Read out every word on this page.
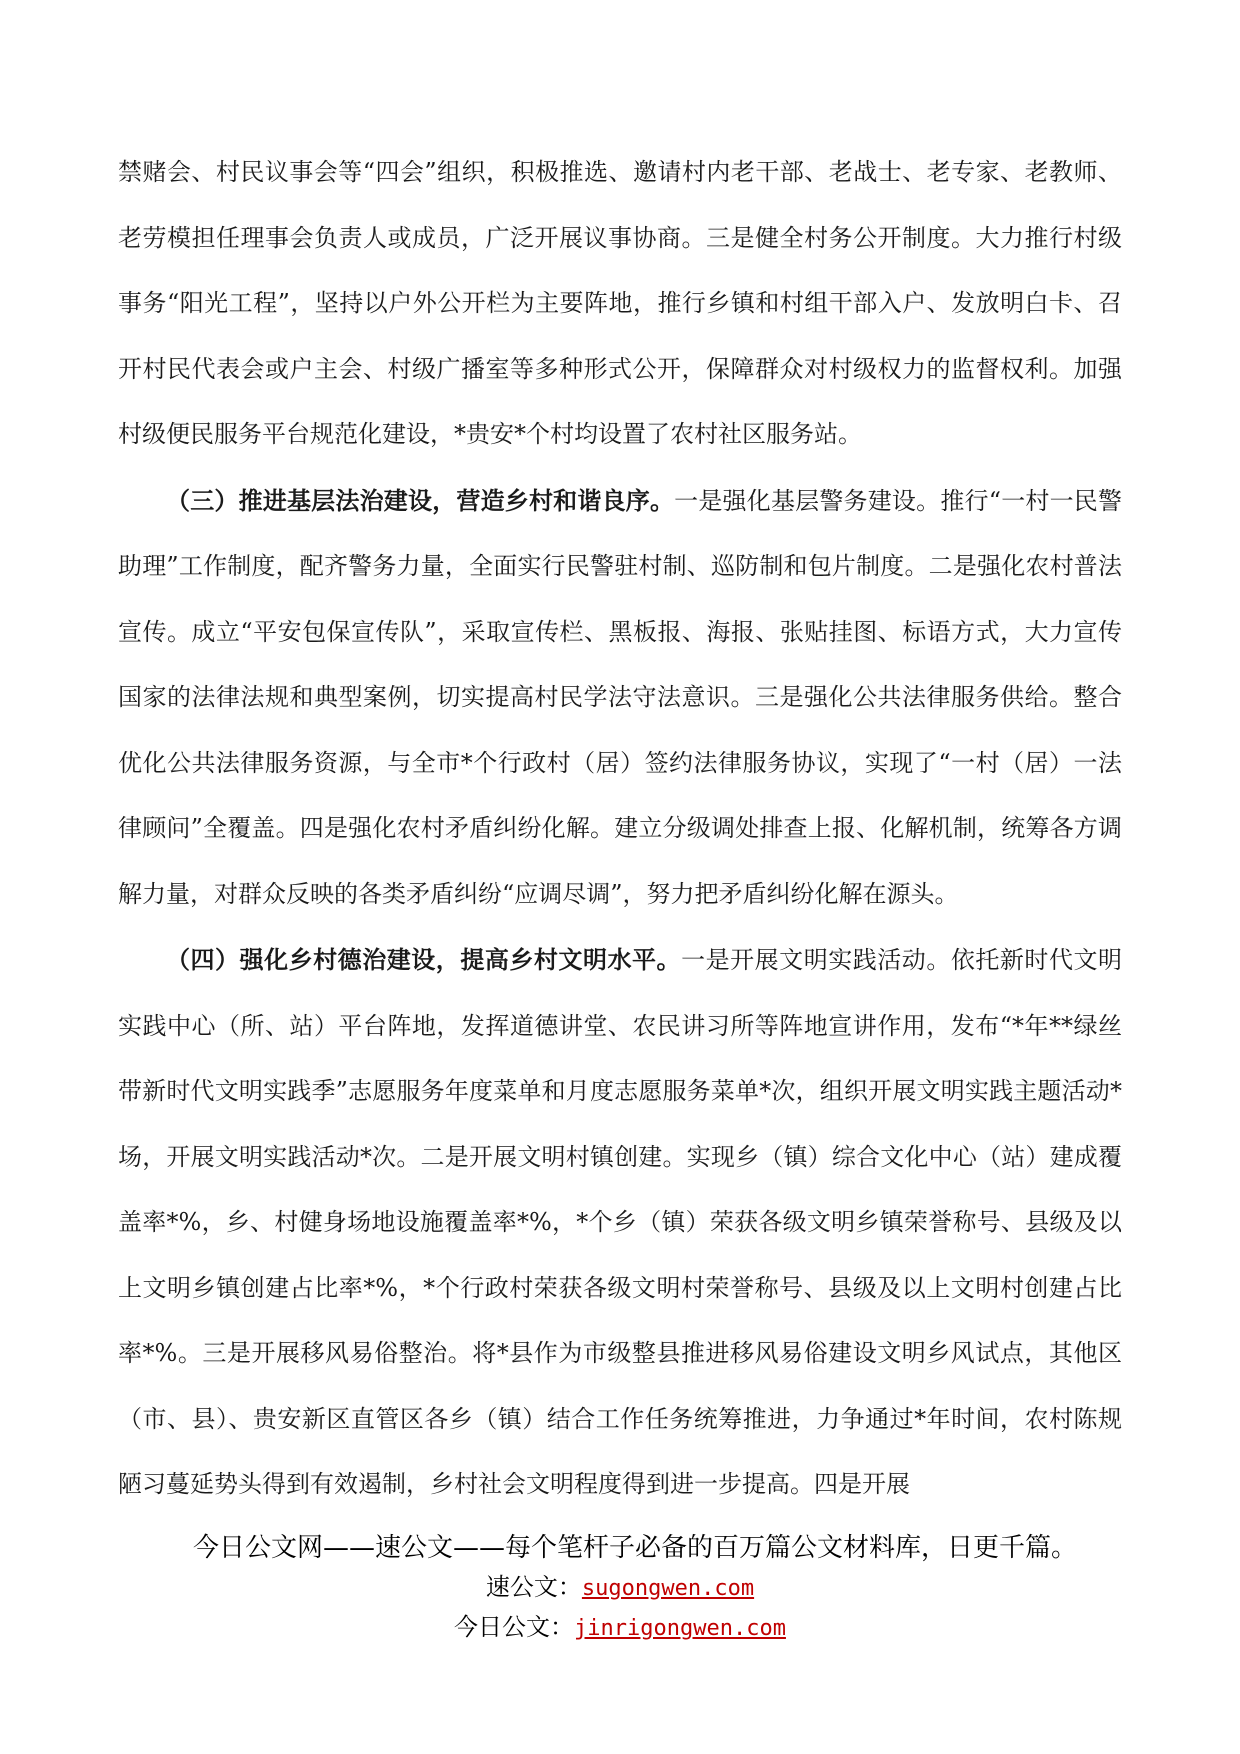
禁赌会、村民议事会等“四会”组织，积极推选、邀请村内老干部、老战士、老专家、老教师、老劳模担任理事会负责人或成员，广泛开展议事协商。三是健全村务公开制度。大力推行村级事务“阳光工程”，坚持以户外公开栏为主要阵地，推行乡镇和村组干部入户、发放明白卡、召开村民代表会或户主会、村级广播室等多种形式公开，保障群众对村级权力的监督权利。加强村级便民服务平台规范化建设，*贵安*个村均设置了农村社区服务站。

（三）推进基层法治建设，营造乡村和谐良序。一是强化基层警务建设。推行“一村一民警助理”工作制度，配齐警务力量，全面实行民警驻村制、巡防制和包片制度。二是强化农村普法宣传。成立“平安包保宣传队”，采取宣传栏、黑板报、海报、张贴挂图、标语方式，大力宣传国家的法律法规和典型案例，切实提高村民学法守法意识。三是强化公共法律服务供给。整合优化公共法律服务资源，与全市*个行政村（居）签约法律服务协议，实现了“一村（居）一法律顾问”全覆盖。四是强化农村矛盾纠纷化解。建立分级调处排查上报、化解机制，统筹各方调解力量，对群众反映的各类矛盾纠纷“应调尽调”，努力把矛盾纠纷化解在源头。

（四）强化乡村德治建设，提高乡村文明水平。一是开展文明实践活动。依托新时代文明实践中心（所、站）平台阵地，发挥道德讲堂、农民讲习所等阵地宣讲作用，发布“*年**绿丝带新时代文明实践季”志愿服务年度菜单和月度志愿服务菜单*次，组织开展文明实践主题活动*场，开展文明实践活动*次。二是开展文明村镇创建。实现乡（镇）综合文化中心（站）建成覆盖率*%，乡、村健身场地设施覆盖率*%，*个乡（镇）荣获各级文明乡镇荣誉称号、县级及以上文明乡镇创建占比率*%，*个行政村荣获各级文明村荣誉称号、县级及以上文明村创建占比率*%。三是开展移风易俗整治。将*县作为市级整县推进移风易俗建设文明乡风试点，其他区（市、县）、贵安新区直管区各乡（镇）结合工作任务统筹推进，力争通过*年时间，农村陈规陋习蔓延势头得到有效遏制，乡村社会文明程度得到进一步提高。四是开展

今日公文网——速公文——每个笔杆子必备的百万篇公文材料库，日更千篇。
速公文：sugongwen.com
今日公文：jinrigongwen.com
